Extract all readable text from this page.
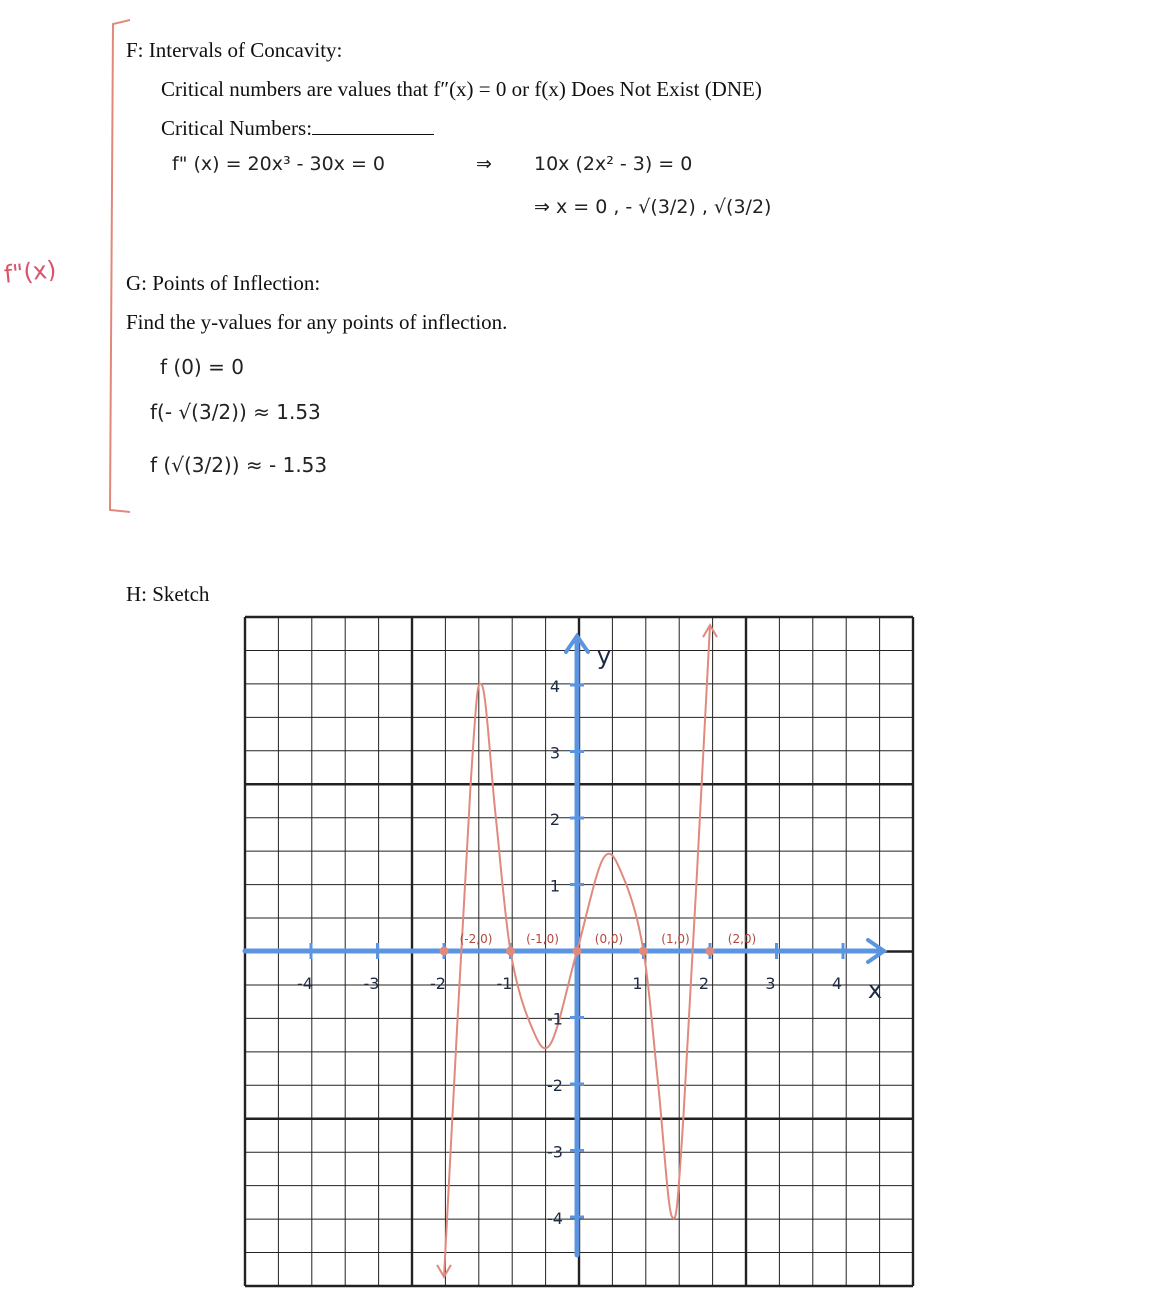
f"(x)
F: Intervals of Concavity:
Critical numbers are values that f″(x) = 0 or f(x) Does Not Exist (DNE)
Critical Numbers:
f" (x) = 20x³ - 30x = 0	⇒ 10x (2x² - 3) = 0
⇒ x = 0 , - √(3/2) , √(3/2)
G: Points of Inflection:
Find the y-values for any points of inflection.
f (0) = 0
f(- √(3/2)) ≈ 1.53
f (√(3/2)) ≈ - 1.53
H: Sketch
-4	-3	-2	-1	1	2	3	4
4
3
2
1
-1
-2
-3
-4
x
y
(-2,0)	(-1,0)	(0,0)	(1,0)	(2,0)
